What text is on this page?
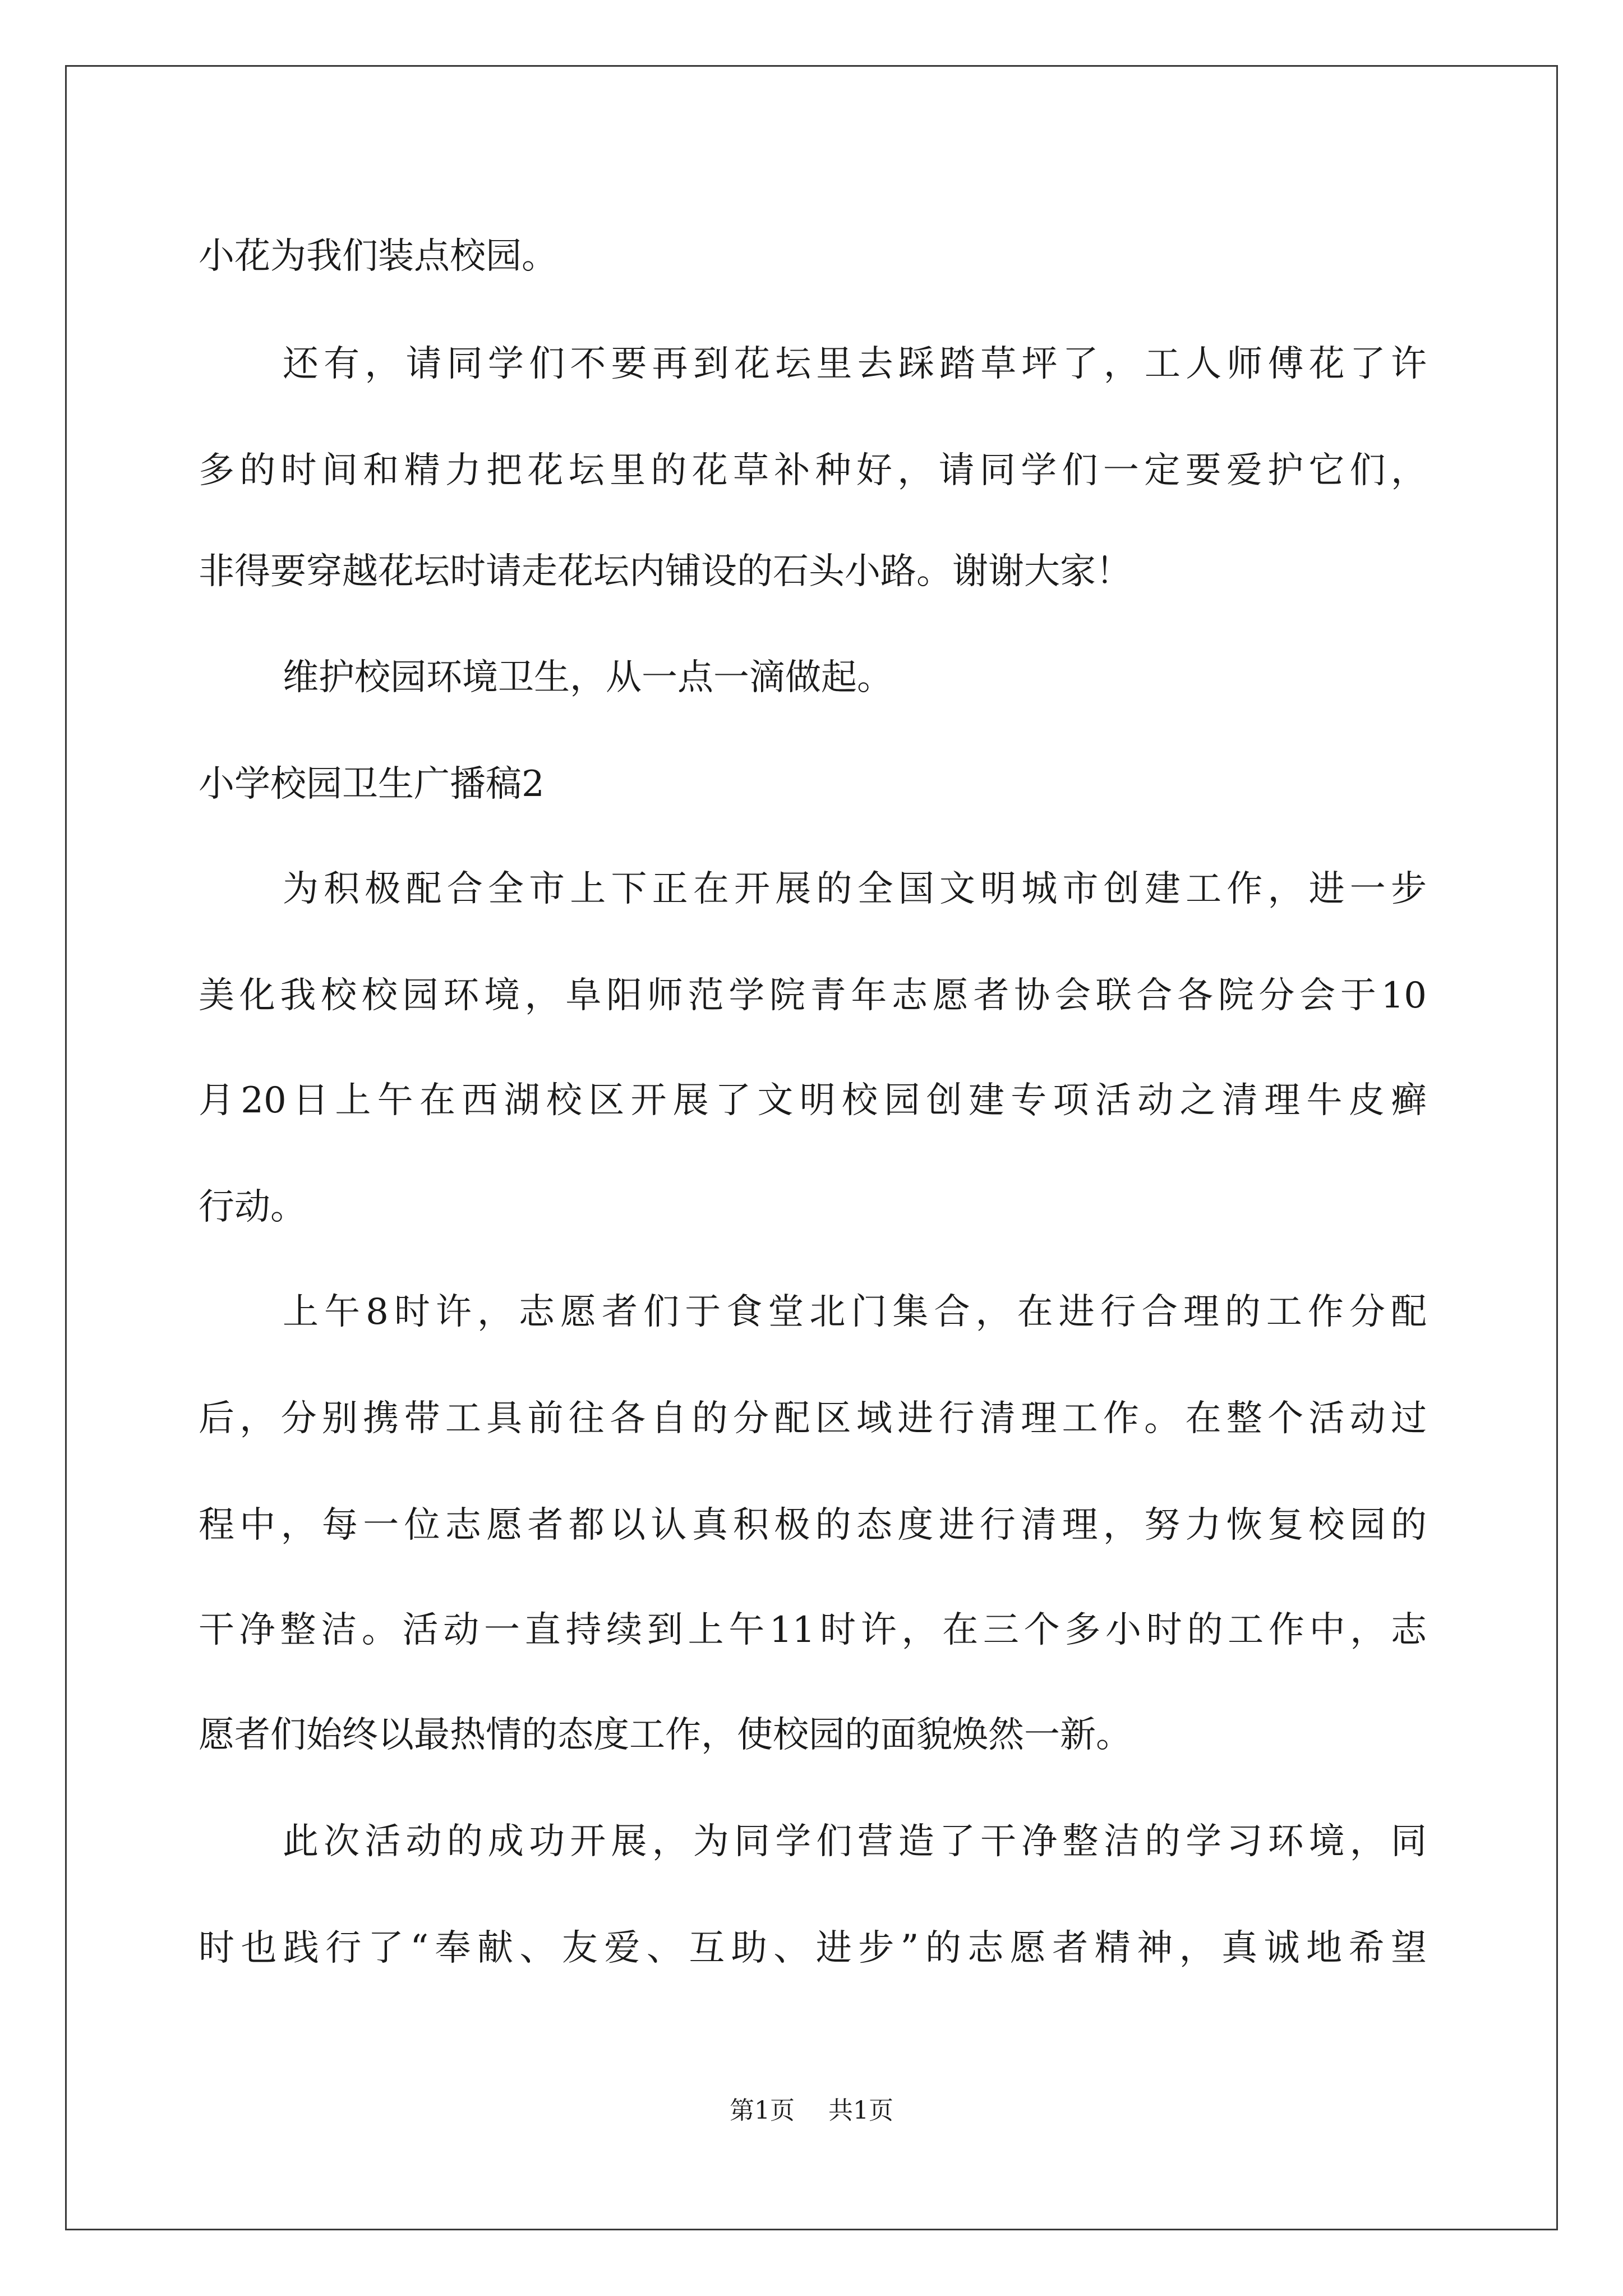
小花为我们装点校园。
还有，请同学们不要再到花坛里去踩踏草坪了，工人师傅花了许
多的时间和精力把花坛里的花草补种好，请同学们一定要爱护它们，
非得要穿越花坛时请走花坛内铺设的石头小路。谢谢大家！
维护校园环境卫生，从一点一滴做起。
小学校园卫生广播稿2
为积极配合全市上下正在开展的全国文明城市创建工作，进一步
美化我校校园环境，阜阳师范学院青年志愿者协会联合各院分会于10
月20日上午在西湖校区开展了文明校园创建专项活动之清理牛皮癣
行动。
上午8时许，志愿者们于食堂北门集合，在进行合理的工作分配
后，分别携带工具前往各自的分配区域进行清理工作。在整个活动过
程中，每一位志愿者都以认真积极的态度进行清理，努力恢复校园的
干净整洁。活动一直持续到上午11时许，在三个多小时的工作中，志
愿者们始终以最热情的态度工作，使校园的面貌焕然一新。
此次活动的成功开展，为同学们营造了干净整洁的学习环境，同
时也践行了“奉献、友爱、互助、进步”的志愿者精神，真诚地希望
第1页 共1页
